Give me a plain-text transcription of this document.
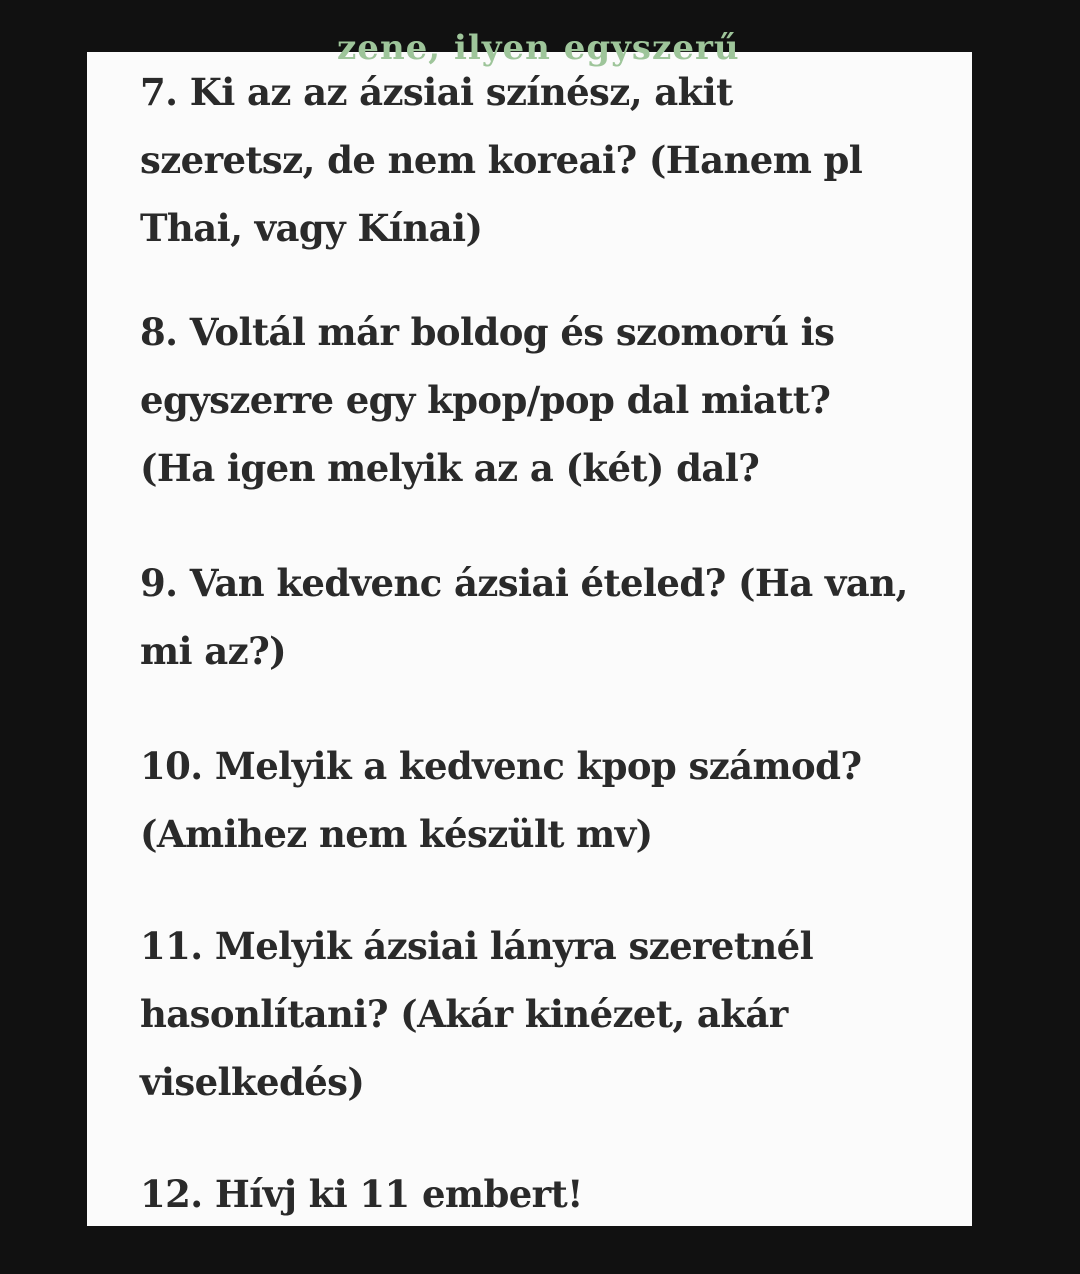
zene, ilyen egyszerű
7. Ki az az ázsiai színész, akit
szeretsz, de nem koreai? (Hanem pl
Thai, vagy Kínai)
8. Voltál már boldog és szomorú is
egyszerre egy kpop/pop dal miatt?
(Ha igen melyik az a (két) dal?
9. Van kedvenc ázsiai ételed? (Ha van,
mi az?)
10. Melyik a kedvenc kpop számod?
(Amihez nem készült mv)
11. Melyik ázsiai lányra szeretnél
hasonlítani? (Akár kinézet, akár
viselkedés)
12. Hívj ki 11 embert!
